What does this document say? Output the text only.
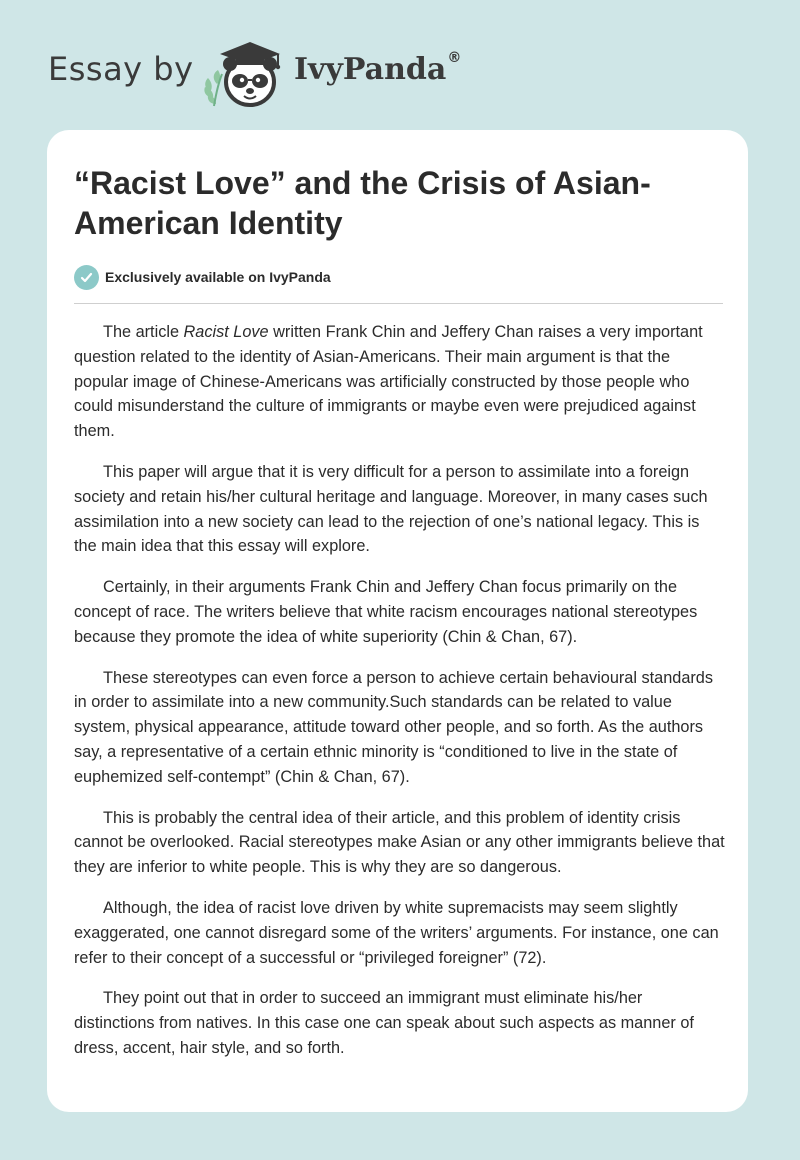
Essay by	IvyPanda®
“Racist Love” and the Crisis of Asian-American Identity
Exclusively available on IvyPanda

The article Racist Love written Frank Chin and Jeffery Chan raises a very important question related to the identity of Asian-Americans. Their main argument is that the popular image of Chinese-Americans was artificially constructed by those people who could misunderstand the culture of immigrants or maybe even were prejudiced against them.

This paper will argue that it is very difficult for a person to assimilate into a foreign society and retain his/her cultural heritage and language. Moreover, in many cases such assimilation into a new society can lead to the rejection of one’s national legacy. This is the main idea that this essay will explore.

Certainly, in their arguments Frank Chin and Jeffery Chan focus primarily on the concept of race. The writers believe that white racism encourages national stereotypes because they promote the idea of white superiority (Chin & Chan, 67).

These stereotypes can even force a person to achieve certain behavioural standards in order to assimilate into a new community.Such standards can be related to value system, physical appearance, attitude toward other people, and so forth. As the authors say, a representative of a certain ethnic minority is “conditioned to live in the state of euphemized self-contempt” (Chin & Chan, 67).

This is probably the central idea of their article, and this problem of identity crisis cannot be overlooked. Racial stereotypes make Asian or any other immigrants believe that they are inferior to white people. This is why they are so dangerous.

Although, the idea of racist love driven by white supremacists may seem slightly exaggerated, one cannot disregard some of the writers’ arguments. For instance, one can refer to their concept of a successful or “privileged foreigner” (72).

They point out that in order to succeed an immigrant must eliminate his/her distinctions from natives. In this case one can speak about such aspects as manner of dress, accent, hair style, and so forth.
